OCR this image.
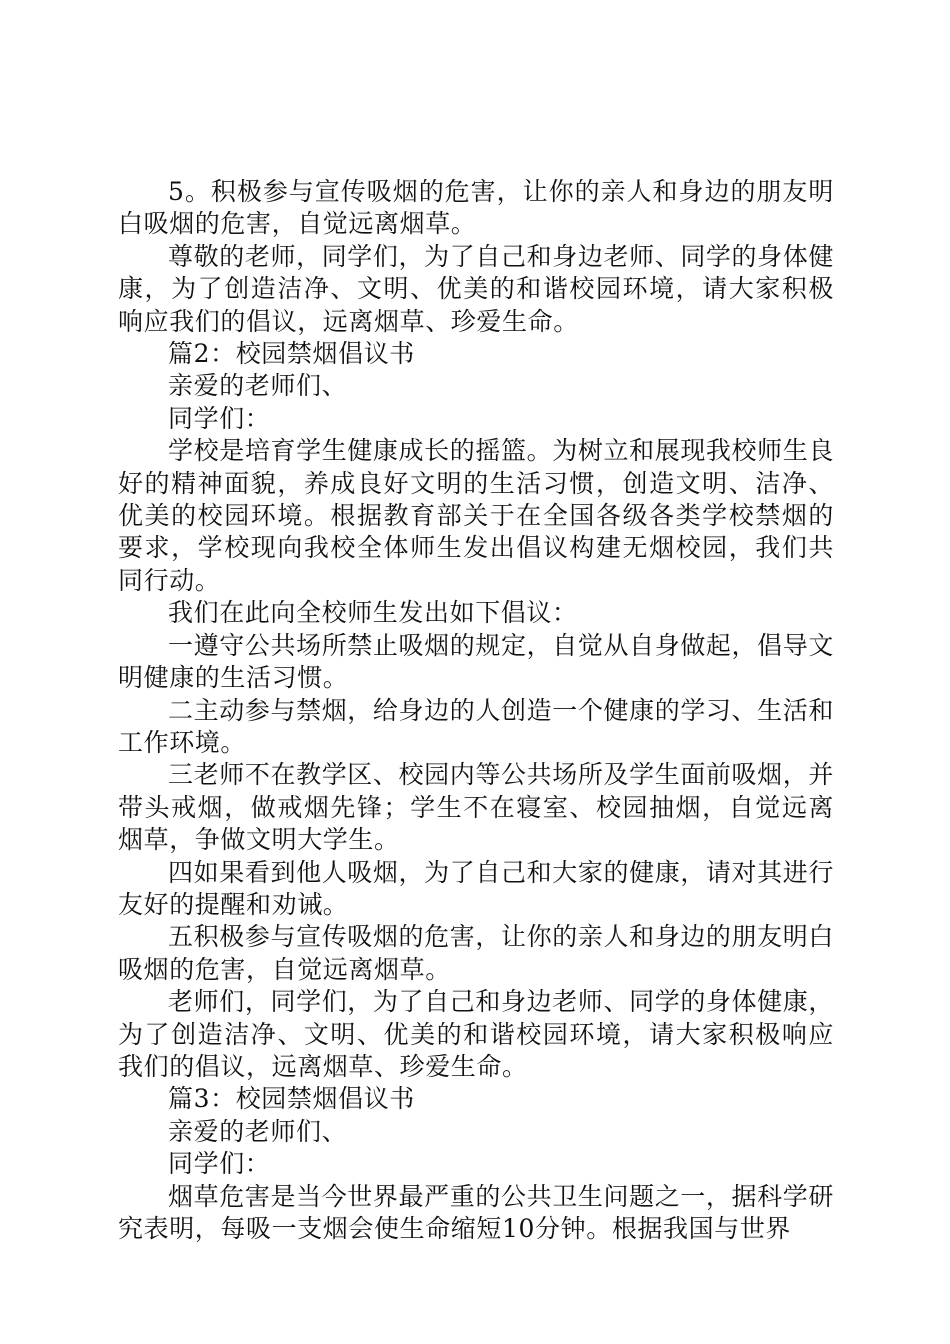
5。积极参与宣传吸烟的危害，让你的亲人和身边的朋友明白吸烟的危害，自觉远离烟草。

尊敬的老师，同学们，为了自己和身边老师、同学的身体健康，为了创造洁净、文明、优美的和谐校园环境，请大家积极响应我们的倡议，远离烟草、珍爱生命。

篇2：校园禁烟倡议书

亲爱的老师们、

同学们：

学校是培育学生健康成长的摇篮。为树立和展现我校师生良好的精神面貌，养成良好文明的生活习惯，创造文明、洁净、优美的校园环境。根据教育部关于在全国各级各类学校禁烟的要求，学校现向我校全体师生发出倡议构建无烟校园，我们共同行动。

我们在此向全校师生发出如下倡议：

一遵守公共场所禁止吸烟的规定，自觉从自身做起，倡导文明健康的生活习惯。

二主动参与禁烟，给身边的人创造一个健康的学习、生活和工作环境。

三老师不在教学区、校园内等公共场所及学生面前吸烟，并带头戒烟，做戒烟先锋；学生不在寝室、校园抽烟，自觉远离烟草，争做文明大学生。

四如果看到他人吸烟，为了自己和大家的健康，请对其进行友好的提醒和劝诫。

五积极参与宣传吸烟的危害，让你的亲人和身边的朋友明白吸烟的危害，自觉远离烟草。

老师们，同学们，为了自己和身边老师、同学的身体健康，为了创造洁净、文明、优美的和谐校园环境，请大家积极响应我们的倡议，远离烟草、珍爱生命。

篇3：校园禁烟倡议书

亲爱的老师们、

同学们：

烟草危害是当今世界最严重的公共卫生问题之一，据科学研究表明，每吸一支烟会使生命缩短10分钟。根据我国与世界
